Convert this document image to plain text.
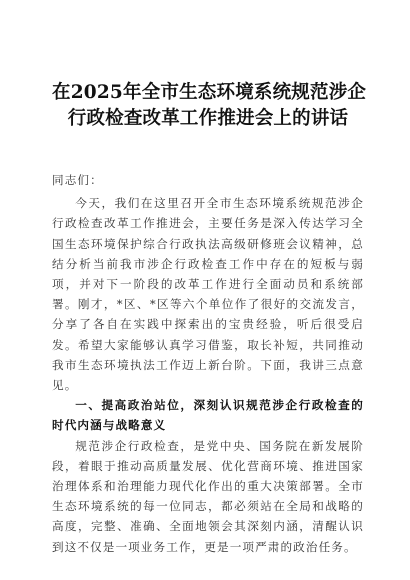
在2025年全市生态环境系统规范涉企
行政检查改革工作推进会上的讲话

同志们：

今天，我们在这里召开全市生态环境系统规范涉企行政检查改革工作推进会，主要任务是深入传达学习全国生态环境保护综合行政执法高级研修班会议精神，总结分析当前我市涉企行政检查工作中存在的短板与弱项，并对下一阶段的改革工作进行全面动员和系统部署。刚才，*区、*区等六个单位作了很好的交流发言，分享了各自在实践中探索出的宝贵经验，听后很受启发。希望大家能够认真学习借鉴，取长补短，共同推动我市生态环境执法工作迈上新台阶。下面，我讲三点意见。

一、提高政治站位，深刻认识规范涉企行政检查的时代内涵与战略意义

规范涉企行政检查，是党中央、国务院在新发展阶段，着眼于推动高质量发展、优化营商环境、推进国家治理体系和治理能力现代化作出的重大决策部署。全市生态环境系统的每一位同志，都必须站在全局和战略的高度，完整、准确、全面地领会其深刻内涵，清醒认识到这不仅是一项业务工作，更是一项严肃的政治任务。
